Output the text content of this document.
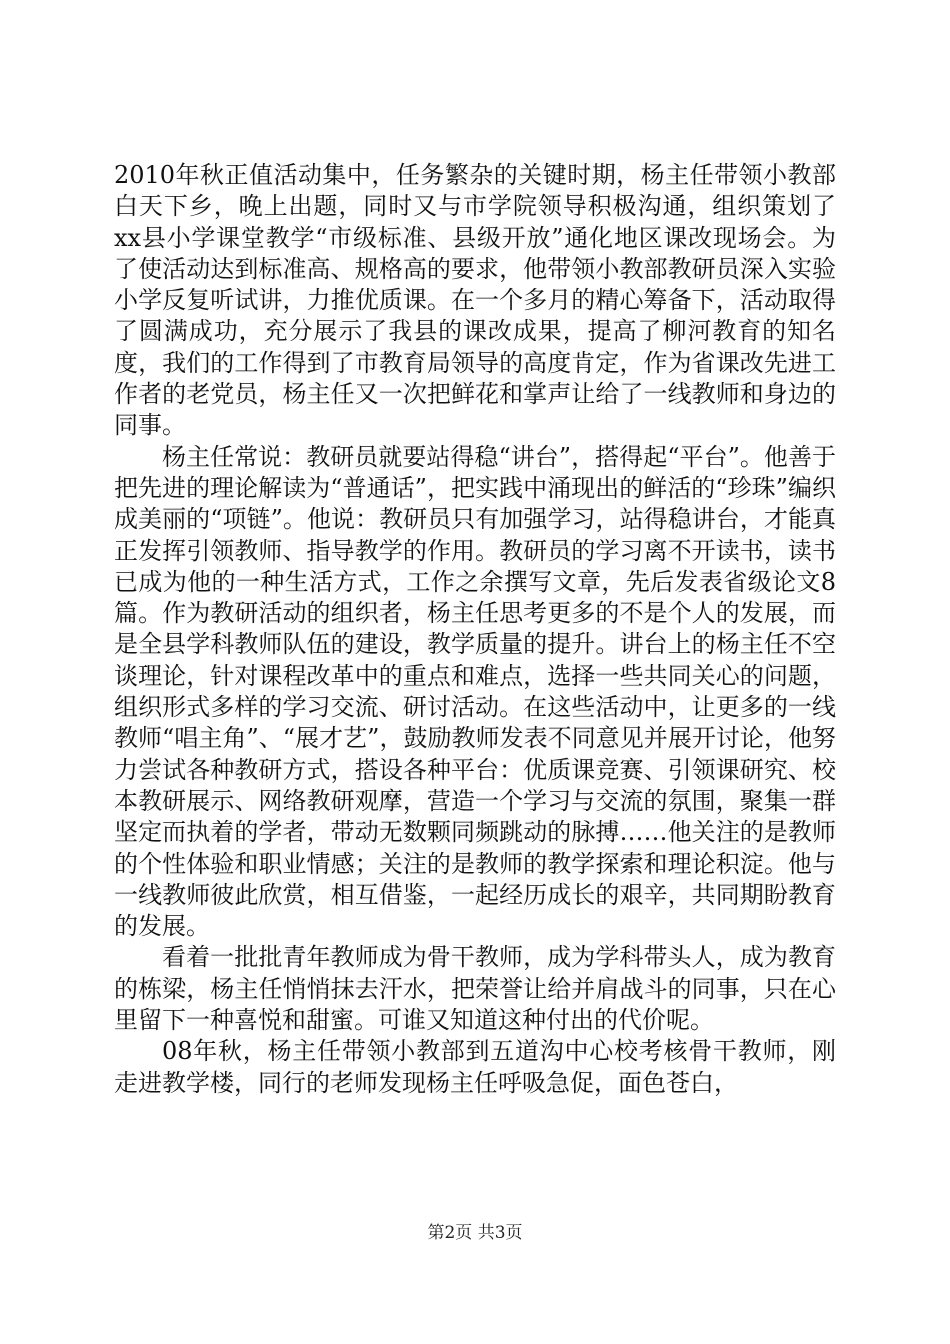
2010年秋正值活动集中，任务繁杂的关键时期，杨主任带领小教部白天下乡，晚上出题，同时又与市学院领导积极沟通，组织策划了xx县小学课堂教学“市级标准、县级开放”通化地区课改现场会。为了使活动达到标准高、规格高的要求，他带领小教部教研员深入实验小学反复听试讲，力推优质课。在一个多月的精心筹备下，活动取得了圆满成功，充分展示了我县的课改成果，提高了柳河教育的知名度，我们的工作得到了市教育局领导的高度肯定，作为省课改先进工作者的老党员，杨主任又一次把鲜花和掌声让给了一线教师和身边的同事。

杨主任常说：教研员就要站得稳“讲台”，搭得起“平台”。他善于把先进的理论解读为“普通话”，把实践中涌现出的鲜活的“珍珠”编织成美丽的“项链”。他说：教研员只有加强学习，站得稳讲台，才能真正发挥引领教师、指导教学的作用。教研员的学习离不开读书，读书已成为他的一种生活方式，工作之余撰写文章，先后发表省级论文8篇。作为教研活动的组织者，杨主任思考更多的不是个人的发展，而是全县学科教师队伍的建设，教学质量的提升。讲台上的杨主任不空谈理论，针对课程改革中的重点和难点，选择一些共同关心的问题，组织形式多样的学习交流、研讨活动。在这些活动中，让更多的一线教师“唱主角”、“展才艺”，鼓励教师发表不同意见并展开讨论，他努力尝试各种教研方式，搭设各种平台：优质课竞赛、引领课研究、校本教研展示、网络教研观摩，营造一个学习与交流的氛围，聚集一群坚定而执着的学者，带动无数颗同频跳动的脉搏……他关注的是教师的个性体验和职业情感；关注的是教师的教学探索和理论积淀。他与一线教师彼此欣赏，相互借鉴，一起经历成长的艰辛，共同期盼教育的发展。

看着一批批青年教师成为骨干教师，成为学科带头人，成为教育的栋梁，杨主任悄悄抹去汗水，把荣誉让给并肩战斗的同事，只在心里留下一种喜悦和甜蜜。可谁又知道这种付出的代价呢。

08年秋，杨主任带领小教部到五道沟中心校考核骨干教师，刚走进教学楼，同行的老师发现杨主任呼吸急促，面色苍白，

第2页 共3页
